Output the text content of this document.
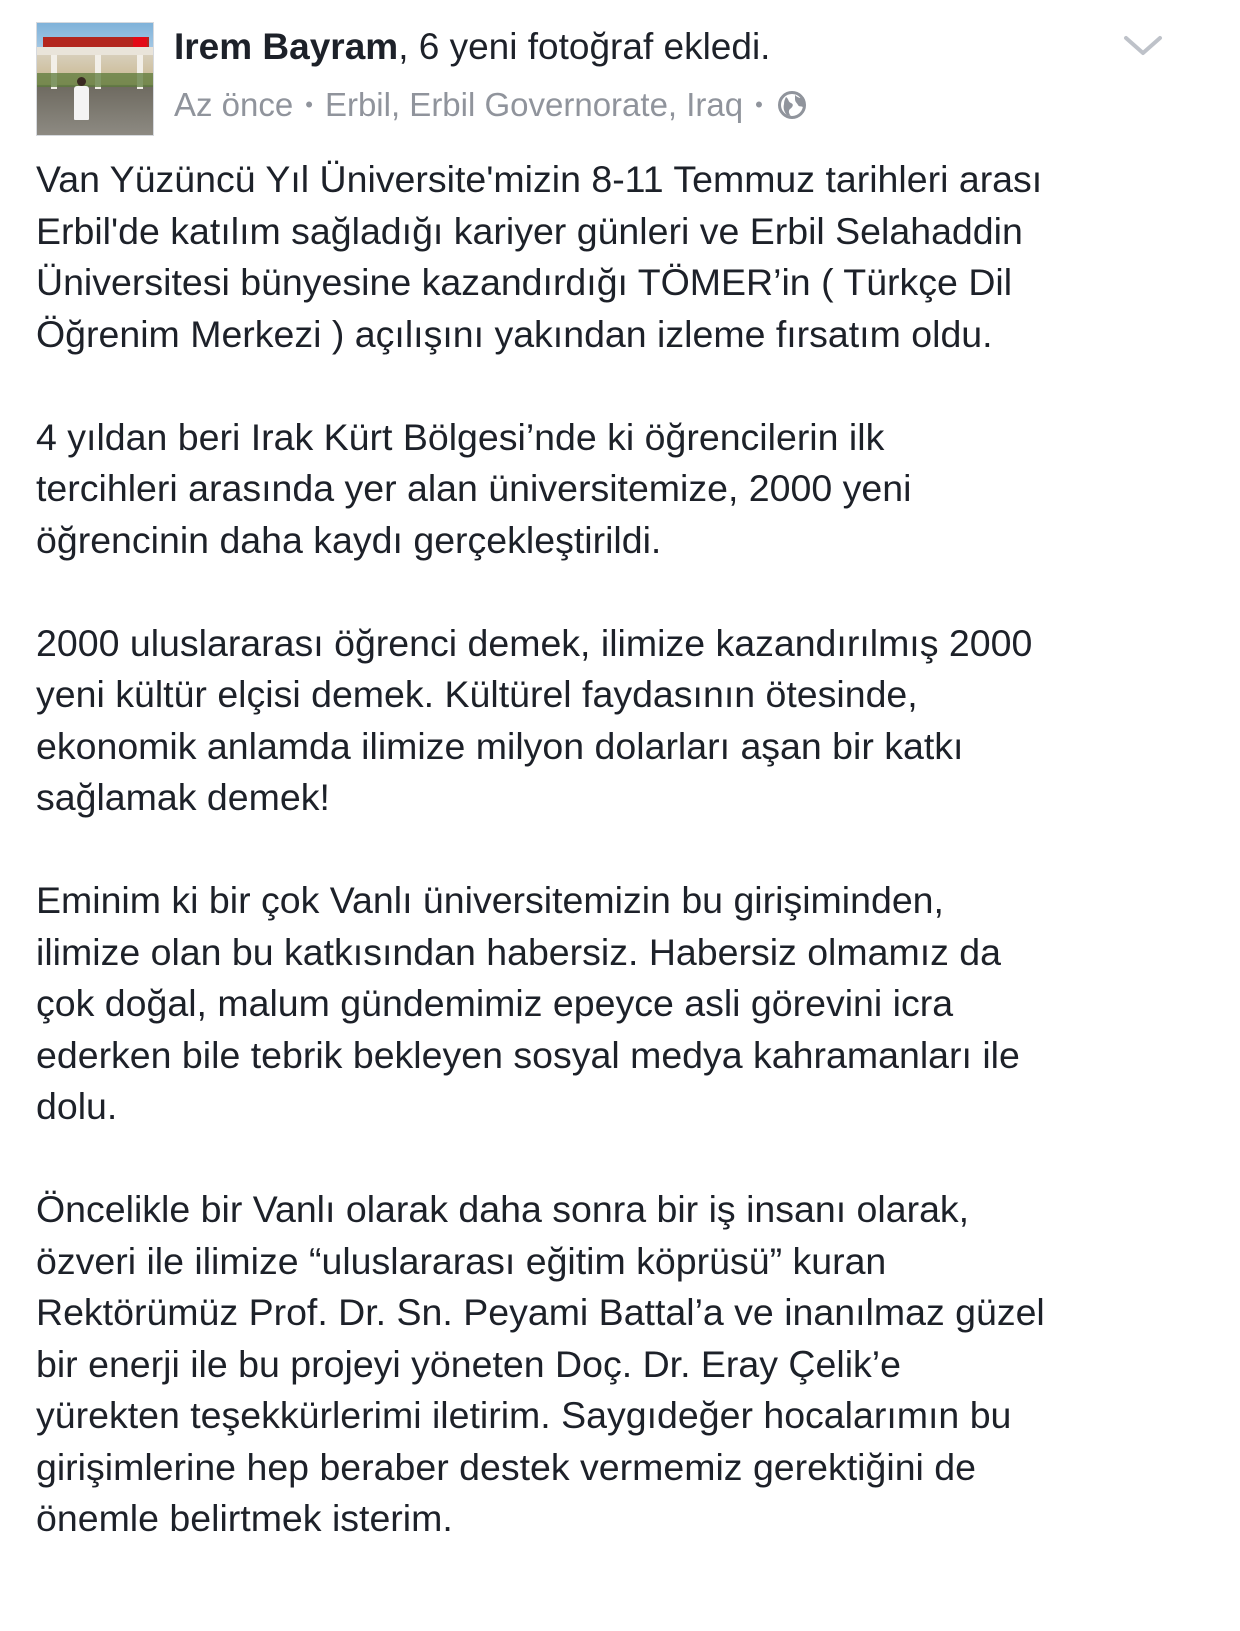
Irem Bayram, 6 yeni fotoğraf ekledi.
Az önce • Erbil, Erbil Governorate, Iraq •

Van Yüzüncü Yıl Üniversite'mizin 8-11 Temmuz tarihleri arası
Erbil'de katılım sağladığı kariyer günleri ve Erbil Selahaddin
Üniversitesi bünyesine kazandırdığı TÖMER’in ( Türkçe Dil
Öğrenim Merkezi ) açılışını yakından izleme fırsatım oldu.

4 yıldan beri Irak Kürt Bölgesi’nde ki öğrencilerin ilk
tercihleri arasında yer alan üniversitemize, 2000 yeni
öğrencinin daha kaydı gerçekleştirildi.

2000 uluslararası öğrenci demek, ilimize kazandırılmış 2000
yeni kültür elçisi demek. Kültürel faydasının ötesinde,
ekonomik anlamda ilimize milyon dolarları aşan bir katkı
sağlamak demek!

Eminim ki bir çok Vanlı üniversitemizin bu girişiminden,
ilimize olan bu katkısından habersiz. Habersiz olmamız da
çok doğal, malum gündemimiz epeyce asli görevini icra
ederken bile tebrik bekleyen sosyal medya kahramanları ile
dolu.

Öncelikle bir Vanlı olarak daha sonra bir iş insanı olarak,
özveri ile ilimize “uluslararası eğitim köprüsü” kuran
Rektörümüz Prof. Dr. Sn. Peyami Battal’a ve inanılmaz güzel
bir enerji ile bu projeyi yöneten Doç. Dr. Eray Çelik’e
yürekten teşekkürlerimi iletirim. Saygıdeğer hocalarımın bu
girişimlerine hep beraber destek vermemiz gerektiğini de
önemle belirtmek isterim.
